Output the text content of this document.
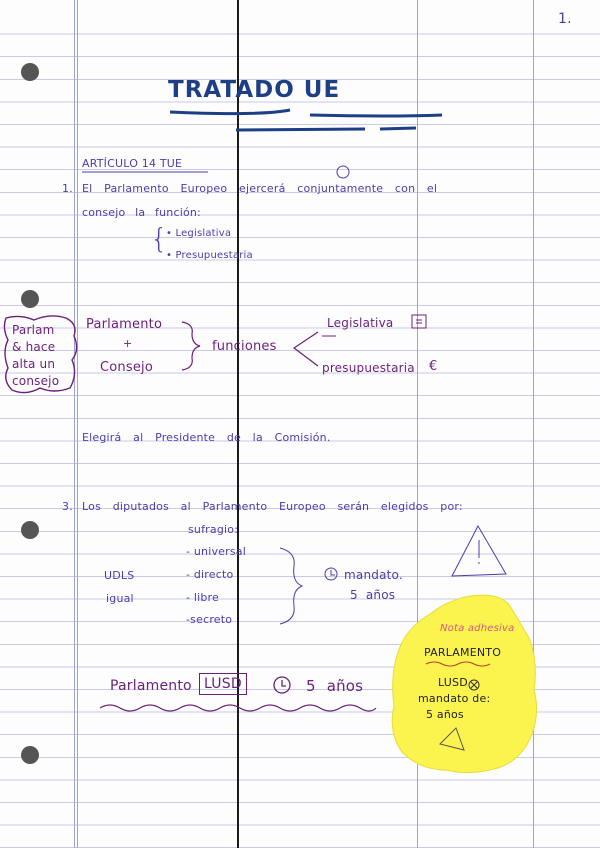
1.
TRATADO UE
ARTÍCULO 14 TUE
1. El Parlamento Europeo ejercerá conjuntamente con el
consejo la función:
{
• Legislativa
• Presupuestaria
Parlam
& hace
alta un
consejo
Parlamento
+
Consejo
funciones
Legislativa
presupuestaria €
Elegirá al Presidente de la Comisión.
3. Los diputados al Parlamento Europeo serán elegidos por:
sufragio:
- universal
- directo
- libre
-secreto
UDLS
igual
mandato.
5 años
Parlamento LUSD	5 años
Nota adhesiva
PARLAMENTO
LUSD
mandato de:
5 años
